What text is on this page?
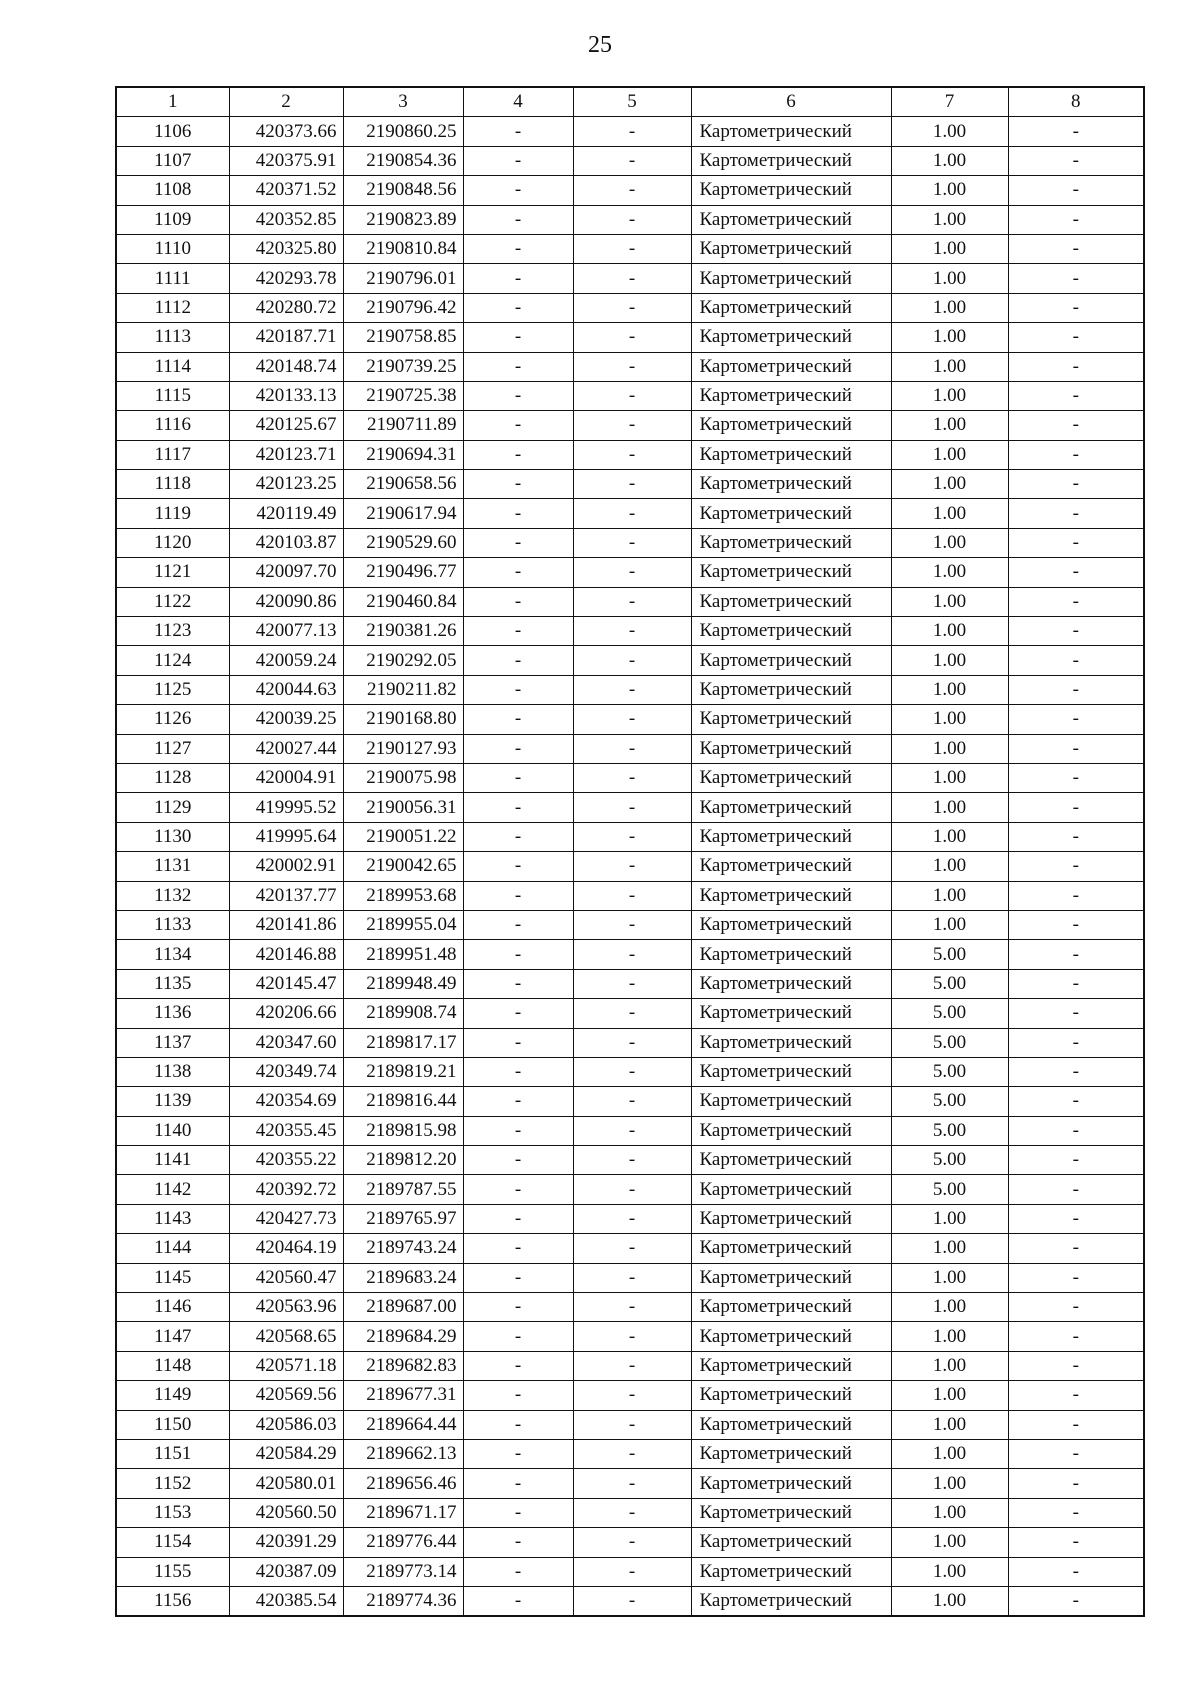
25
1	2	3	4	5	6	7	8
1106	420373.66	2190860.25	-	-	Картометрический	1.00	-
1107	420375.91	2190854.36	-	-	Картометрический	1.00	-
1108	420371.52	2190848.56	-	-	Картометрический	1.00	-
1109	420352.85	2190823.89	-	-	Картометрический	1.00	-
1110	420325.80	2190810.84	-	-	Картометрический	1.00	-
1111	420293.78	2190796.01	-	-	Картометрический	1.00	-
1112	420280.72	2190796.42	-	-	Картометрический	1.00	-
1113	420187.71	2190758.85	-	-	Картометрический	1.00	-
1114	420148.74	2190739.25	-	-	Картометрический	1.00	-
1115	420133.13	2190725.38	-	-	Картометрический	1.00	-
1116	420125.67	2190711.89	-	-	Картометрический	1.00	-
1117	420123.71	2190694.31	-	-	Картометрический	1.00	-
1118	420123.25	2190658.56	-	-	Картометрический	1.00	-
1119	420119.49	2190617.94	-	-	Картометрический	1.00	-
1120	420103.87	2190529.60	-	-	Картометрический	1.00	-
1121	420097.70	2190496.77	-	-	Картометрический	1.00	-
1122	420090.86	2190460.84	-	-	Картометрический	1.00	-
1123	420077.13	2190381.26	-	-	Картометрический	1.00	-
1124	420059.24	2190292.05	-	-	Картометрический	1.00	-
1125	420044.63	2190211.82	-	-	Картометрический	1.00	-
1126	420039.25	2190168.80	-	-	Картометрический	1.00	-
1127	420027.44	2190127.93	-	-	Картометрический	1.00	-
1128	420004.91	2190075.98	-	-	Картометрический	1.00	-
1129	419995.52	2190056.31	-	-	Картометрический	1.00	-
1130	419995.64	2190051.22	-	-	Картометрический	1.00	-
1131	420002.91	2190042.65	-	-	Картометрический	1.00	-
1132	420137.77	2189953.68	-	-	Картометрический	1.00	-
1133	420141.86	2189955.04	-	-	Картометрический	1.00	-
1134	420146.88	2189951.48	-	-	Картометрический	5.00	-
1135	420145.47	2189948.49	-	-	Картометрический	5.00	-
1136	420206.66	2189908.74	-	-	Картометрический	5.00	-
1137	420347.60	2189817.17	-	-	Картометрический	5.00	-
1138	420349.74	2189819.21	-	-	Картометрический	5.00	-
1139	420354.69	2189816.44	-	-	Картометрический	5.00	-
1140	420355.45	2189815.98	-	-	Картометрический	5.00	-
1141	420355.22	2189812.20	-	-	Картометрический	5.00	-
1142	420392.72	2189787.55	-	-	Картометрический	5.00	-
1143	420427.73	2189765.97	-	-	Картометрический	1.00	-
1144	420464.19	2189743.24	-	-	Картометрический	1.00	-
1145	420560.47	2189683.24	-	-	Картометрический	1.00	-
1146	420563.96	2189687.00	-	-	Картометрический	1.00	-
1147	420568.65	2189684.29	-	-	Картометрический	1.00	-
1148	420571.18	2189682.83	-	-	Картометрический	1.00	-
1149	420569.56	2189677.31	-	-	Картометрический	1.00	-
1150	420586.03	2189664.44	-	-	Картометрический	1.00	-
1151	420584.29	2189662.13	-	-	Картометрический	1.00	-
1152	420580.01	2189656.46	-	-	Картометрический	1.00	-
1153	420560.50	2189671.17	-	-	Картометрический	1.00	-
1154	420391.29	2189776.44	-	-	Картометрический	1.00	-
1155	420387.09	2189773.14	-	-	Картометрический	1.00	-
1156	420385.54	2189774.36	-	-	Картометрический	1.00	-
